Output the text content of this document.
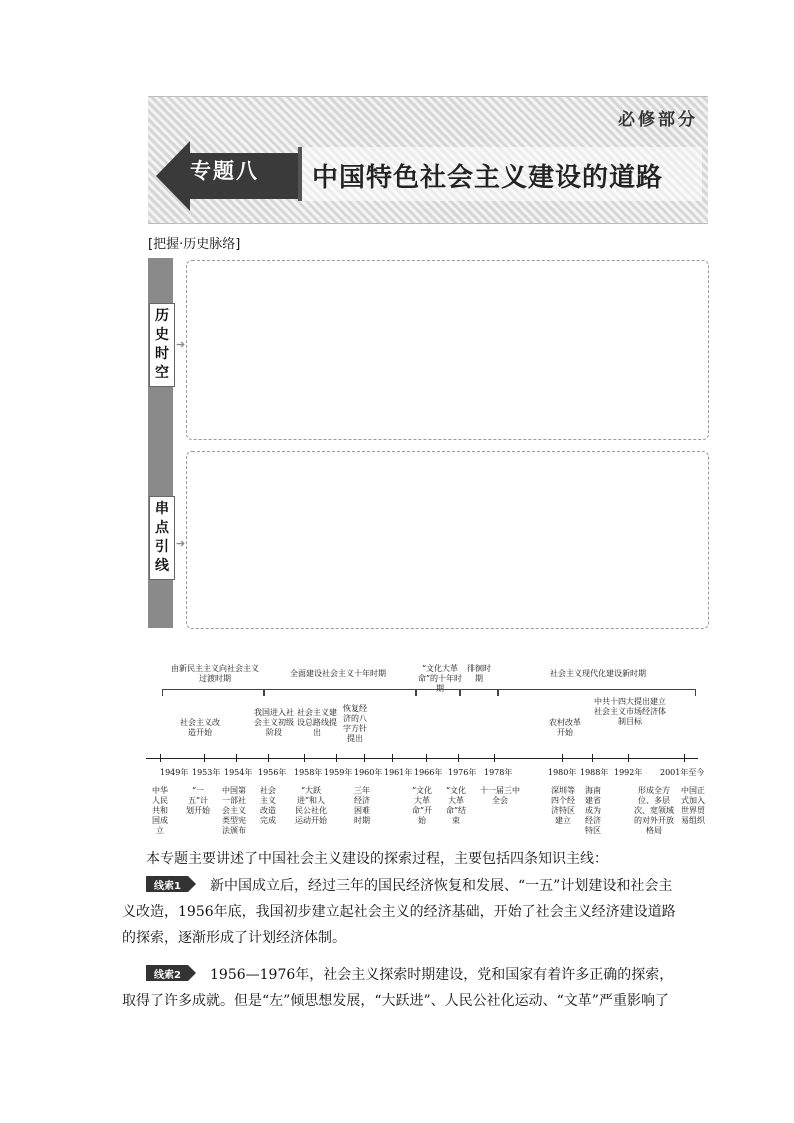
必修部分
专题八 中国特色社会主义建设的道路
[把握·历史脉络]
历史时空
➔
串点引线
➔
由新民主主义向社会主义过渡时期
全面建设社会主义十年时期
“文化大革命”的十年时期
徘徊时期
社会主义现代化建设新时期
社会主义改造开始
我国进入社会主义初级阶段
社会主义建设总路线提出
恢复经济的八字方针提出
农村改革开始
中共十四大提出建立社会主义市场经济体制目标
1949年 1953年 1954年 1956年 1958年 1959年 1960年 1961年 1966年 1976年 1978年	1980年 1988年 1992年 2001年至今
中华人民共和国成立
“一五”计划开始
中国第一部社会主义类型宪法颁布
社会主义改造完成
“大跃进”和人民公社化运动开始
三年经济困难时期
“文化大革命”开始
“文化大革命”结束
十一届三中全会
深圳等四个经济特区建立
海南建省成为经济特区
形成全方位、多层次、宽领域的对外开放格局
中国正式加入世界贸易组织
本专题主要讲述了中国社会主义建设的探索过程，主要包括四条知识主线：
线索1	新中国成立后，经过三年的国民经济恢复和发展、“一五”计划建设和社会主义改造，1956年底，我国初步建立起社会主义的经济基础，开始了社会主义经济建设道路的探索，逐渐形成了计划经济体制。
线索2	1956—1976年，社会主义探索时期建设，党和国家有着许多正确的探索，取得了许多成就。但是“左”倾思想发展，“大跃进”、人民公社化运动、“文革”严重影响了
